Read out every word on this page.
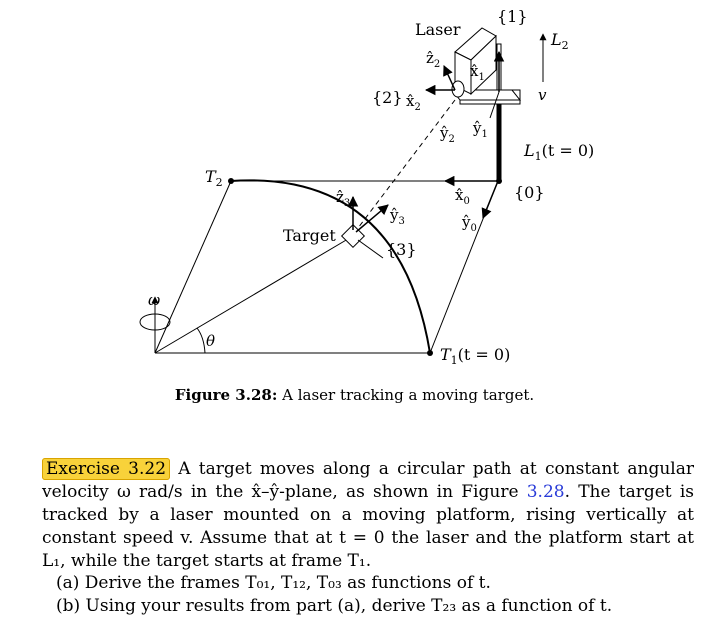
θ
ω
$T_2$
$T_1(t = 0)$
$L_2$
v
$L_1(t = 0)$
Target
ẑ$_3$
$ŷ_3$
{3}
$x̂_0$
$ŷ_0$
{0}
$x̂_2$
ẑ$_2$
$ŷ_2$
{2}
$x̂_1$
$ŷ_1$
{1}
Laser
Figure 3.28: A laser tracking a moving target.
Exercise 3.22 A target moves along a circular path at constant angular velocity ω rad/s in the x̂–ŷ-plane, as shown in Figure 3.28. The target is tracked by a laser mounted on a moving platform, rising vertically at constant speed v. Assume that at t = 0 the laser and the platform start at L₁, while the target starts at frame T₁.
(a) Derive the frames T₀₁, T₁₂, T₀₃ as functions of t.
(b) Using your results from part (a), derive T₂₃ as a function of t.
